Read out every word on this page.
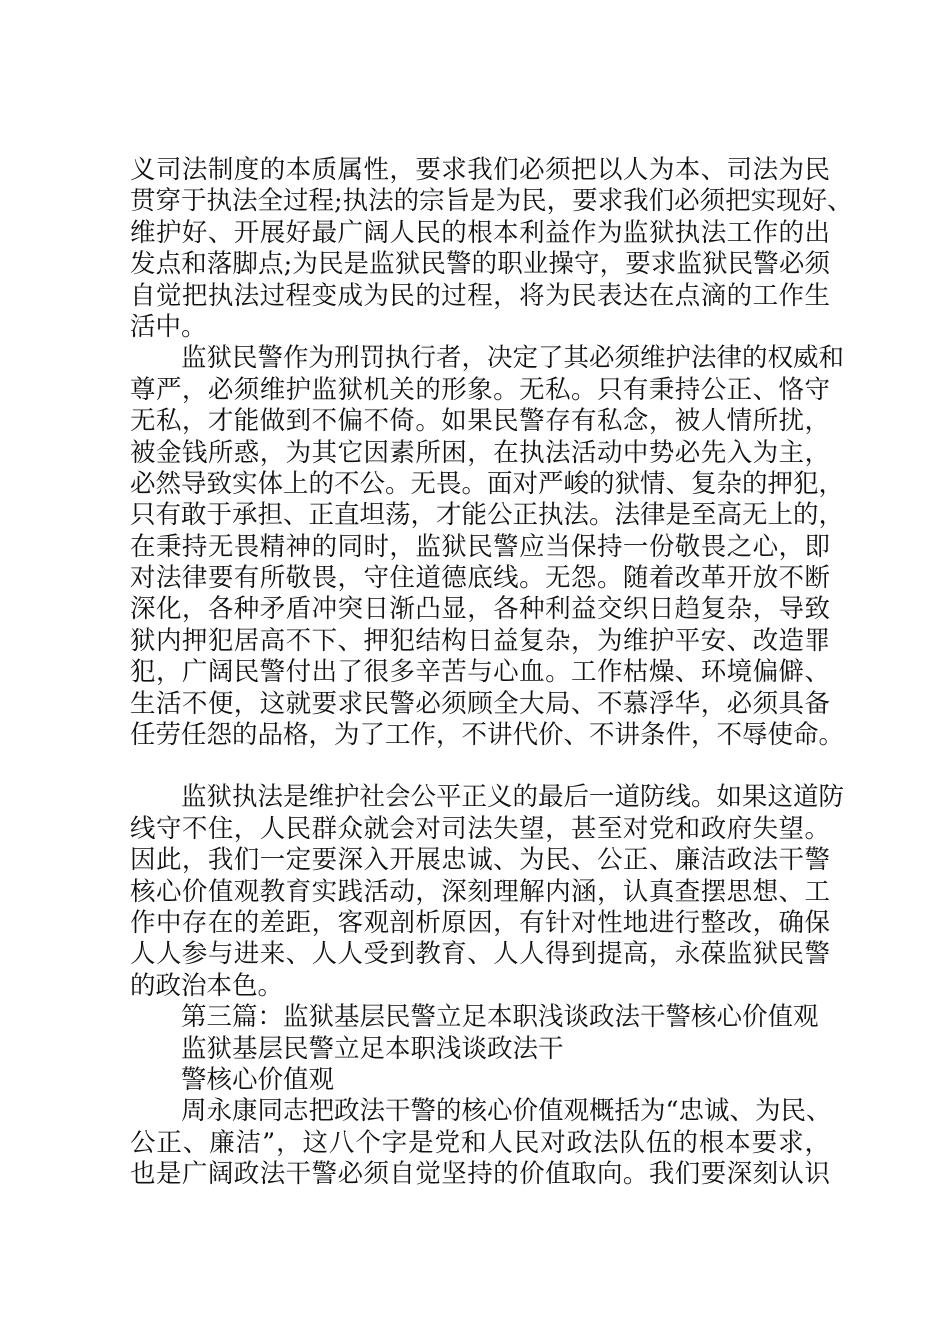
义司法制度的本质属性，要求我们必须把以人为本、司法为民
贯穿于执法全过程;执法的宗旨是为民，要求我们必须把实现好、
维护好、开展好最广阔人民的根本利益作为监狱执法工作的出
发点和落脚点;为民是监狱民警的职业操守，要求监狱民警必须
自觉把执法过程变成为民的过程，将为民表达在点滴的工作生
活中。
监狱民警作为刑罚执行者，决定了其必须维护法律的权威和
尊严，必须维护监狱机关的形象。无私。只有秉持公正、恪守
无私，才能做到不偏不倚。如果民警存有私念，被人情所扰，
被金钱所惑，为其它因素所困，在执法活动中势必先入为主，
必然导致实体上的不公。无畏。面对严峻的狱情、复杂的押犯，
只有敢于承担、正直坦荡，才能公正执法。法律是至高无上的，
在秉持无畏精神的同时，监狱民警应当保持一份敬畏之心，即
对法律要有所敬畏，守住道德底线。无怨。随着改革开放不断
深化，各种矛盾冲突日渐凸显，各种利益交织日趋复杂，导致
狱内押犯居高不下、押犯结构日益复杂，为维护平安、改造罪
犯，广阔民警付出了很多辛苦与心血。工作枯燥、环境偏僻、
生活不便，这就要求民警必须顾全大局、不慕浮华，必须具备
任劳任怨的品格，为了工作，不讲代价、不讲条件，不辱使命。
监狱执法是维护社会公平正义的最后一道防线。如果这道防
线守不住，人民群众就会对司法失望，甚至对党和政府失望。
因此，我们一定要深入开展忠诚、为民、公正、廉洁政法干警
核心价值观教育实践活动，深刻理解内涵，认真查摆思想、工
作中存在的差距，客观剖析原因，有针对性地进行整改，确保
人人参与进来、人人受到教育、人人得到提高，永葆监狱民警
的政治本色。
第三篇：监狱基层民警立足本职浅谈政法干警核心价值观
监狱基层民警立足本职浅谈政法干
警核心价值观
周永康同志把政法干警的核心价值观概括为“忠诚、为民、
公正、廉洁”，这八个字是党和人民对政法队伍的根本要求，
也是广阔政法干警必须自觉坚持的价值取向。我们要深刻认识
